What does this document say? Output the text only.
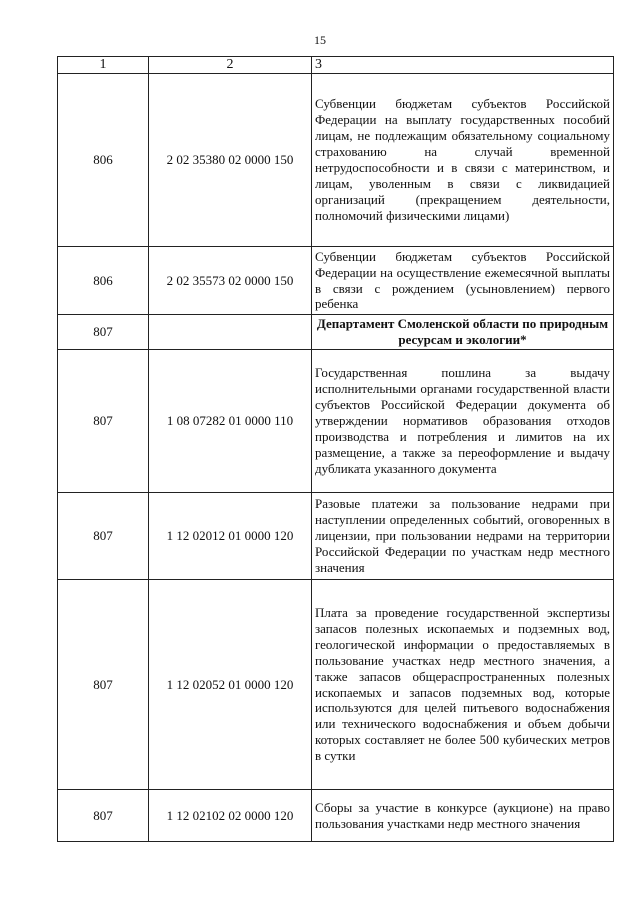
15
1	2	3
806	2 02 35380 02 0000 150	Субвенции бюджетам субъектов Российской Федерации на выплату государственных пособий лицам, не подлежащим обязательному социальному страхованию на случай временной нетрудоспособности и в связи с материнством, и лицам, уволенным в связи с ликвидацией организаций (прекращением деятельности, полномочий физическими лицами)
806	2 02 35573 02 0000 150	Субвенции бюджетам субъектов Российской Федерации на осуществление ежемесячной выплаты в связи с рождением (усыновлением) первого ребенка
807		Департамент Смоленской области по природным ресурсам и экологии*
807	1 08 07282 01 0000 110	Государственная пошлина за выдачу исполнительными органами государственной власти субъектов Российской Федерации документа об утверждении нормативов образования отходов производства и потребления и лимитов на их размещение, а также за переоформление и выдачу дубликата указанного документа
807	1 12 02012 01 0000 120	Разовые платежи за пользование недрами при наступлении определенных событий, оговоренных в лицензии, при пользовании недрами на территории Российской Федерации по участкам недр местного значения
807	1 12 02052 01 0000 120	Плата за проведение государственной экспертизы запасов полезных ископаемых и подземных вод, геологической информации о предоставляемых в пользование участках недр местного значения, а также запасов общераспространенных полезных ископаемых и запасов подземных вод, которые используются для целей питьевого водоснабжения или технического водоснабжения и объем добычи которых составляет не более 500 кубических метров в сутки
807	1 12 02102 02 0000 120	Сборы за участие в конкурсе (аукционе) на право пользования участками недр местного значения
